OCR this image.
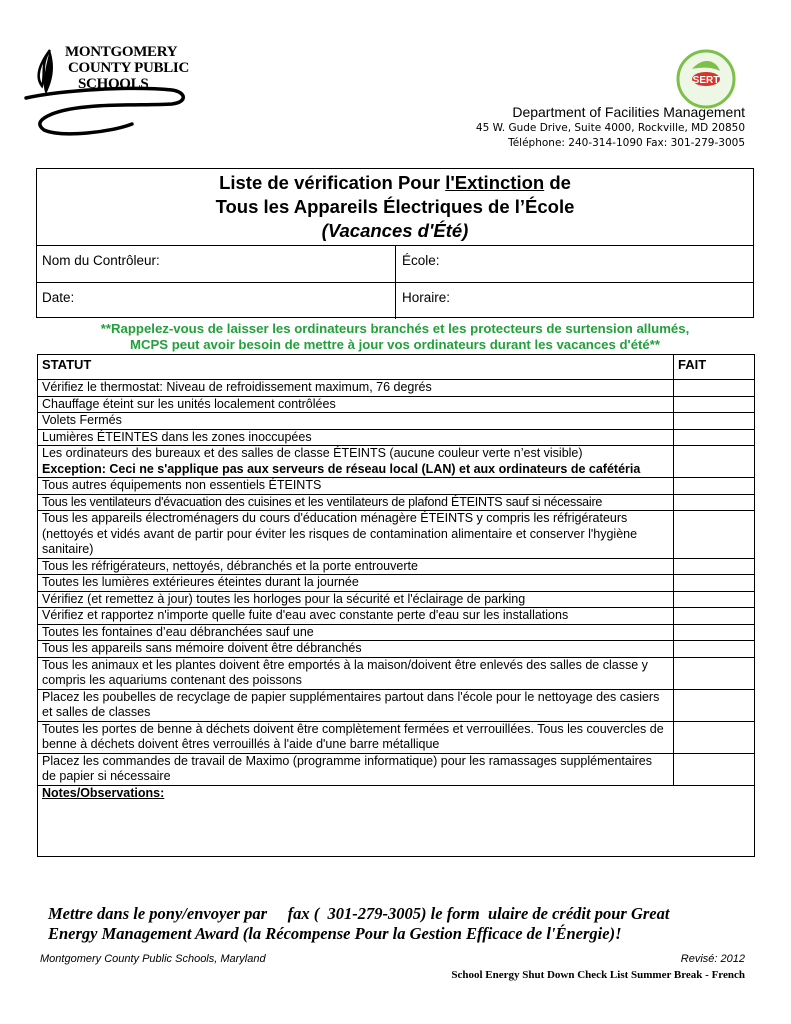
MONTGOMERY
COUNTY PUBLIC
SCHOOLS	SERT
Department of Facilities Management
45 W. Gude Drive, Suite 4000, Rockville, MD 20850
Téléphone: 240-314-1090 Fax: 301-279-3005
Liste de vérification Pour l'Extinction de
Tous les Appareils Électriques de l’École
(Vacances d'Été)
Nom du Contrôleur:	École:
Date:	Horaire:
**Rappelez-vous de laisser les ordinateurs branchés et les protecteurs de surtension allumés,
MCPS peut avoir besoin de mettre à jour vos ordinateurs durant les vacances d'été**
STATUT	FAIT
Vérifiez le thermostat: Niveau de refroidissement maximum, 76 degrés	
Chauffage éteint sur les unités localement contrôlées	
Volets Fermés	
Lumières ÉTEINTES dans les zones inoccupées	

Les ordinateurs des bureaux et des salles de classe ÉTEINTS (aucune couleur verte n’est visible)
Exception: Ceci ne s'applique pas aux serveurs de réseau local (LAN) et aux ordinateurs de cafétéria	

Tous autres équipements non essentiels ÉTEINTS	
Tous les ventilateurs d'évacuation des cuisines et les ventilateurs de plafond ÉTEINTS sauf si nécessaire	
Tous les appareils électroménagers du cours d'éducation ménagère ÉTEINTS y compris les réfrigérateurs (nettoyés et vidés avant de partir pour éviter les risques de contamination alimentaire et conserver l'hygiène sanitaire)	
Tous les réfrigérateurs, nettoyés, débranchés et la porte entrouverte	
Toutes les lumières extérieures éteintes durant la journée	
Vérifiez (et remettez à jour) toutes les horloges pour la sécurité et l'éclairage de parking	
Vérifiez et rapportez n'importe quelle fuite d'eau avec constante perte d'eau sur les installations	
Toutes les fontaines d’eau débranchées sauf une	
Tous les appareils sans mémoire doivent être débranchés	
Tous les animaux et les plantes doivent être emportés à la maison/doivent être enlevés des salles de classe y compris les aquariums contenant des poissons	
Placez les poubelles de recyclage de papier supplémentaires partout dans l'école pour le nettoyage des casiers et salles de classes	
Toutes les portes de benne à déchets doivent être complètement fermées et verrouillées. Tous les couvercles de benne à déchets doivent êtres verrouillés à l'aide d'une barre métallique	
Placez les commandes de travail de Maximo (programme informatique) pour les ramassages supplémentaires de papier si nécessaire	
Notes/Observations:	
Mettre dans le pony/envoyer par     fax (  301-279-3005) le form  ulaire de crédit pour Great
Energy Management Award (la Récompense Pour la Gestion Efficace de l'Énergie)!
Montgomery County Public Schools, Maryland	Revisé: 2012
School Energy Shut Down Check List Summer Break - French
